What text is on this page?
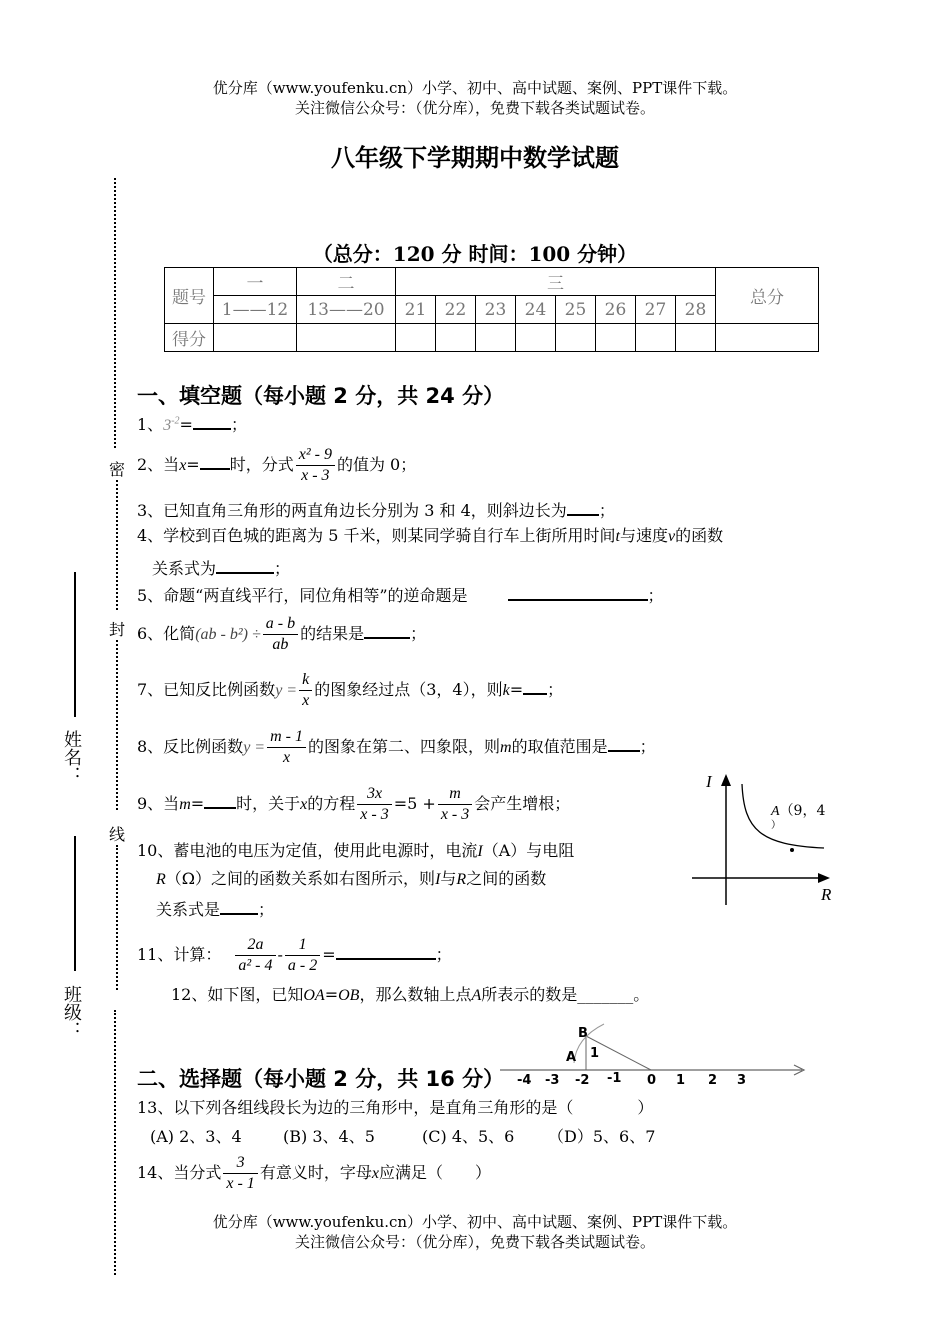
优分库（www.youfenku.cn）小学、初中、高中试题、案例、PPT课件下载。
关注微信公众号：（优分库），免费下载各类试题试卷。
八年级下学期期中数学试题
（总分：120 分 时间：100 分钟）
题号	一	二	三								总分
	1——12	13——20	21	22	23	24	25	26	27	28	
得分											
密
封
线
姓名：
班级：
一、填空题（每小题 2 分，共 24 分）
1、$3^{-2}=$ ；
2、当x= 时，分式 $\frac{\text{x² - 9}}{x - 3}$ 的值为 0；
3、已知直角三角形的两直角边长分别为 3 和 4，则斜边长为 ；
4、学校到百色城的距离为 5 千米，则某同学骑自行车上街所用时间t与速度v的函数
关系式为	；
5、命题“两直线平行，同位角相等”的逆命题是	；
6、化简$(ab - b^2) \div \frac{a - b}{ab}$ 的结果是	；
7、已知反比例函数$y = \frac{k}{x}$ 的图象经过点（3，4），则k= ；
8、反比例函数$y = \frac{m - 1}{x}$ 的图象在第二、四象限，则m的取值范围是 ；
9、当m= 时，关于x的方程 $\frac{3x}{x - 3} =5 + \frac{m}{x - 3}$ 会产生增根；
10、蓄电池的电压为定值，使用此电源时，电流I（A）与电阻
R（Ω）之间的函数关系如右图所示，则I与R之间的函数
关系式是 ；
I
R
A（9，4
）
11、计算： $\frac{2a}{\text{a² - 4}} - \frac{1}{a - 2}$ =	；
12、如下图，已知OA=OB，那么数轴上点A所表示的数是_______。
B
A 1
-4 -3 -2 -1 0 1 2 3
二、选择题（每小题 2 分，共 16 分）
13、以下列各组线段长为边的三角形中，是直角三角形的是（　　　　）
(A) 2、3、4	(B) 3、4、5	(C) 4、5、6 （D）5、6、7
14、当分式 $\frac{3}{x - 1}$ 有意义时，字母x应满足（　　）
优分库（www.youfenku.cn）小学、初中、高中试题、案例、PPT课件下载。
关注微信公众号：（优分库），免费下载各类试题试卷。
